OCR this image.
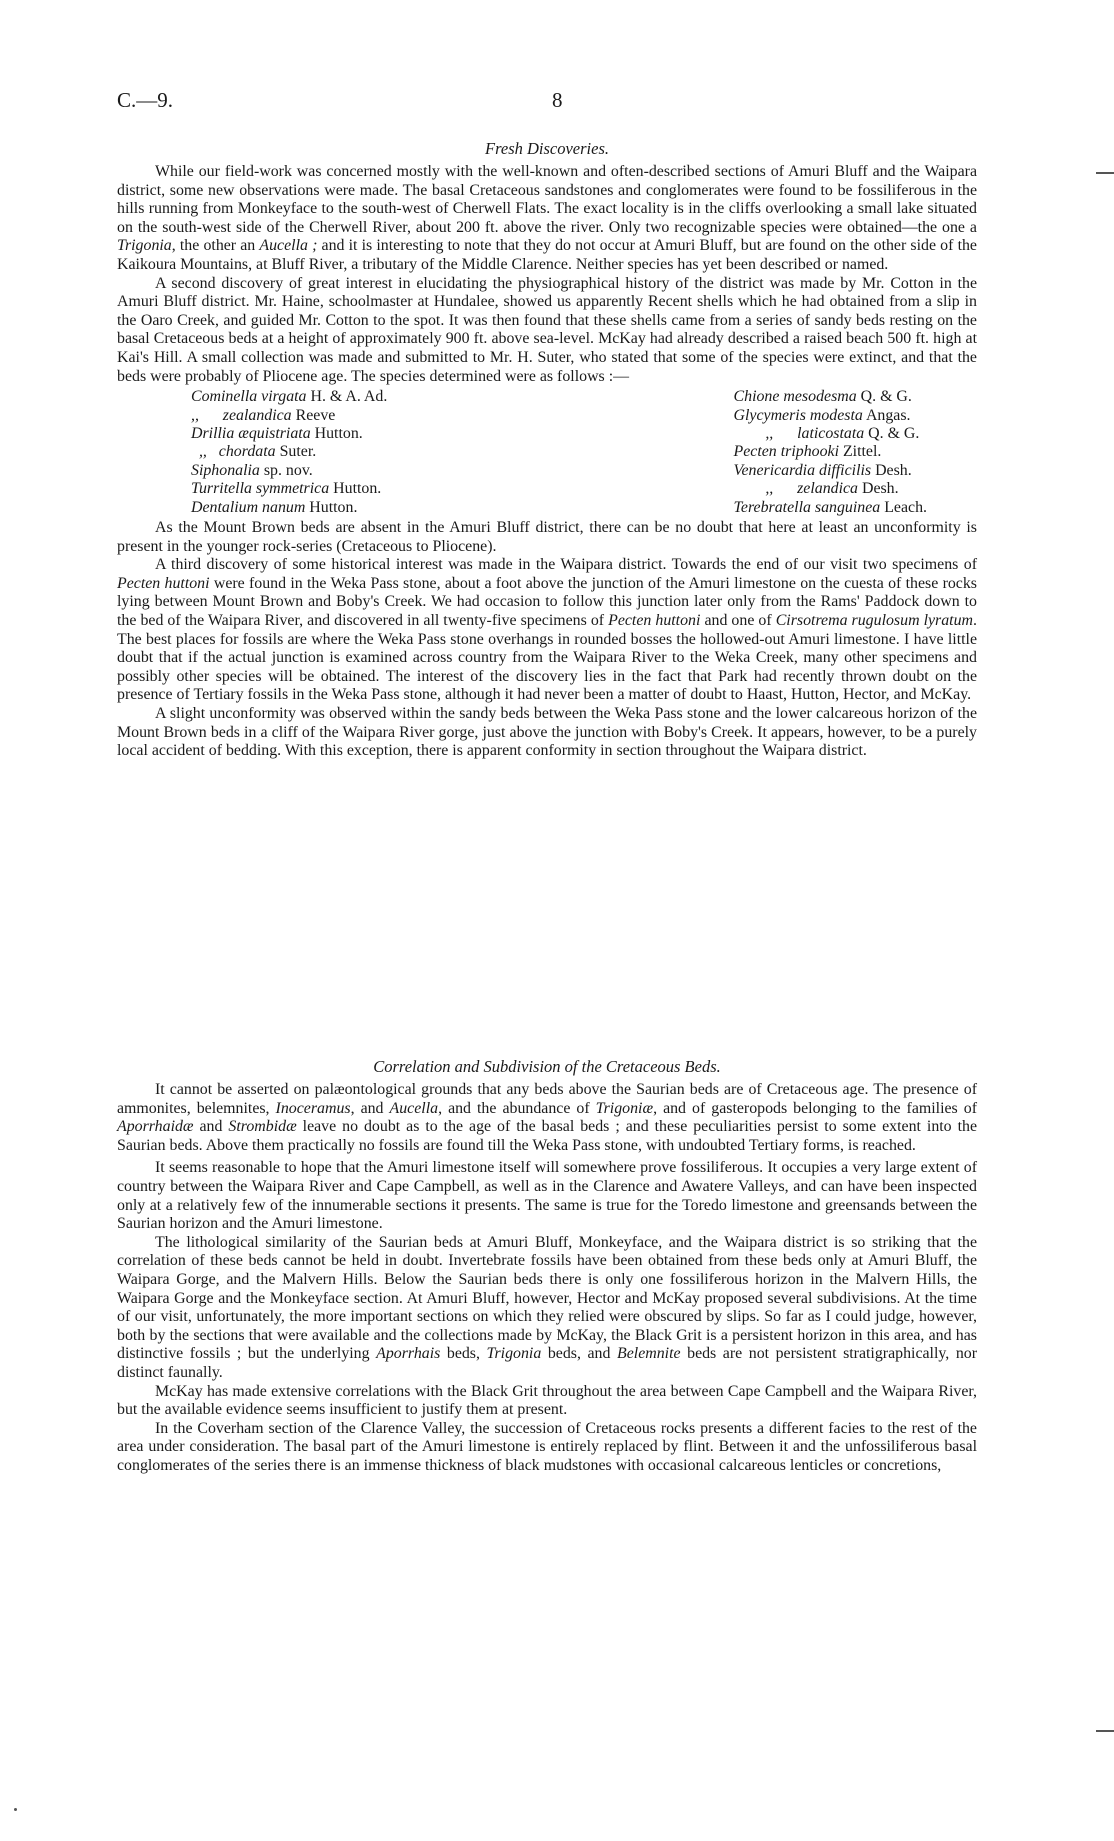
C.—9.	8
Fresh Discoveries.

While our field-work was concerned mostly with the well-known and often-described sections of Amuri Bluff and the Waipara district, some new observations were made. The basal Cretaceous sandstones and conglomerates were found to be fossiliferous in the hills running from Monkeyface to the south-west of Cherwell Flats. The exact locality is in the cliffs overlooking a small lake situated on the south-west side of the Cherwell River, about 200 ft. above the river. Only two recognizable species were obtained—the one a Trigonia, the other an Aucella ; and it is interesting to note that they do not occur at Amuri Bluff, but are found on the other side of the Kaikoura Mountains, at Bluff River, a tributary of the Middle Clarence. Neither species has yet been described or named.

A second discovery of great interest in elucidating the physiographical history of the district was made by Mr. Cotton in the Amuri Bluff district. Mr. Haine, schoolmaster at Hundalee, showed us apparently Recent shells which he had obtained from a slip in the Oaro Creek, and guided Mr. Cotton to the spot. It was then found that these shells came from a series of sandy beds resting on the basal Cretaceous beds at a height of approximately 900 ft. above sea-level. McKay had already described a raised beach 500 ft. high at Kai's Hill. A small collection was made and submitted to Mr. H. Suter, who stated that some of the species were extinct, and that the beds were probably of Pliocene age. The species determined were as follows :—

Cominella virgata H. & A. Ad.
,,      zealandica Reeve
Drillia æquistriata Hutton.
,,   chordata Suter.
Siphonalia sp. nov.
Turritella symmetrica Hutton.
Dentalium nanum Hutton.
Chione mesodesma Q. & G.
Glycymeris modesta Angas.
,,      laticostata Q. & G.
Pecten triphooki Zittel.
Venericardia difficilis Desh.
,,      zelandica Desh.
Terebratella sanguinea Leach.

As the Mount Brown beds are absent in the Amuri Bluff district, there can be no doubt that here at least an unconformity is present in the younger rock-series (Cretaceous to Pliocene).

A third discovery of some historical interest was made in the Waipara district. Towards the end of our visit two specimens of Pecten huttoni were found in the Weka Pass stone, about a foot above the junction of the Amuri limestone on the cuesta of these rocks lying between Mount Brown and Boby's Creek. We had occasion to follow this junction later only from the Rams' Paddock down to the bed of the Waipara River, and discovered in all twenty-five specimens of Pecten huttoni and one of Cirsotrema rugulosum lyratum. The best places for fossils are where the Weka Pass stone overhangs in rounded bosses the hollowed-out Amuri limestone. I have little doubt that if the actual junction is examined across country from the Waipara River to the Weka Creek, many other specimens and possibly other species will be obtained. The interest of the discovery lies in the fact that Park had recently thrown doubt on the presence of Tertiary fossils in the Weka Pass stone, although it had never been a matter of doubt to Haast, Hutton, Hector, and McKay.

A slight unconformity was observed within the sandy beds between the Weka Pass stone and the lower calcareous horizon of the Mount Brown beds in a cliff of the Waipara River gorge, just above the junction with Boby's Creek. It appears, however, to be a purely local accident of bedding. With this exception, there is apparent conformity in section throughout the Waipara district.

Correlation and Subdivision of the Cretaceous Beds.

It cannot be asserted on palæontological grounds that any beds above the Saurian beds are of Cretaceous age. The presence of ammonites, belemnites, Inoceramus, and Aucella, and the abundance of Trigoniæ, and of gasteropods belonging to the families of Aporrhaidæ and Strombidæ leave no doubt as to the age of the basal beds ; and these peculiarities persist to some extent into the Saurian beds. Above them practically no fossils are found till the Weka Pass stone, with undoubted Tertiary forms, is reached.

It seems reasonable to hope that the Amuri limestone itself will somewhere prove fossiliferous. It occupies a very large extent of country between the Waipara River and Cape Campbell, as well as in the Clarence and Awatere Valleys, and can have been inspected only at a relatively few of the innumerable sections it presents. The same is true for the Toredo limestone and greensands between the Saurian horizon and the Amuri limestone.

The lithological similarity of the Saurian beds at Amuri Bluff, Monkeyface, and the Waipara district is so striking that the correlation of these beds cannot be held in doubt. Invertebrate fossils have been obtained from these beds only at Amuri Bluff, the Waipara Gorge, and the Malvern Hills. Below the Saurian beds there is only one fossiliferous horizon in the Malvern Hills, the Waipara Gorge and the Monkeyface section. At Amuri Bluff, however, Hector and McKay proposed several subdivisions. At the time of our visit, unfortunately, the more important sections on which they relied were obscured by slips. So far as I could judge, however, both by the sections that were available and the collections made by McKay, the Black Grit is a persistent horizon in this area, and has distinctive fossils ; but the underlying Aporrhais beds, Trigonia beds, and Belemnite beds are not persistent stratigraphically, nor distinct faunally.

McKay has made extensive correlations with the Black Grit throughout the area between Cape Campbell and the Waipara River, but the available evidence seems insufficient to justify them at present.

In the Coverham section of the Clarence Valley, the succession of Cretaceous rocks presents a different facies to the rest of the area under consideration. The basal part of the Amuri limestone is entirely replaced by flint. Between it and the unfossiliferous basal conglomerates of the series there is an immense thickness of black mudstones with occasional calcareous lenticles or concretions,
